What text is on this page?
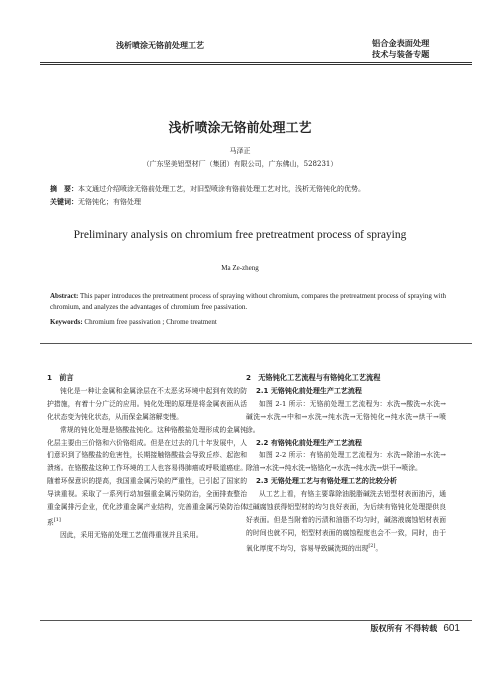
浅析喷涂无铬前处理工艺	铝合金表面处理
技术与装备专题
浅析喷涂无铬前处理工艺
马泽正
（广东坚美铝型材厂（集团）有限公司，广东佛山，528231）
摘　要：本文通过介绍喷涂无铬前处理工艺，对旧型喷涂有铬前处理工艺对比，浅析无铬钝化的优势。
关键词：无铬钝化；有铬处理
Preliminary analysis on chromium free pretreatment process of spraying
Ma Ze-zheng
Abstract: This paper introduces the pretreatment process of spraying without chromium, compares the pretreatment process of spraying with chromium, and analyzes the advantages of chromium free passivation.
Keywords: Chromium free passivation ; Chrome treatment
1　前言

钝化是一种让金属和金属涂层在不太恶劣环境中起到有效的防护措施，有着十分广泛的应用。钝化处理的原理是将金属表面从活化状态变为钝化状态，从而保金属溶解变慢。

常规的钝化处理是铬酸盐钝化。这种铬酸盐处理形成的金属钝化层主要由三价铬和六价铬组成。但是在过去的几十年发展中，人们意识到了铬酸盐的危害性，长期接触铬酸盐会导致丘疹、起泡和溃疡。在铬酸盐这种工作环境的工人也容易得肺癌或呼吸道癌症。随着环保意识的提高，我国重金属污染的严重性，已引起了国家的导读重视。采取了一系列行动加强重金属污染防治，全面排查整治重金属排污企业，优化涉重金属产业结构，完善重金属污染防治体系[1]

因此，采用无铬前处理工艺值得重视并且采用。

2　无铬钝化工艺流程与有铬钝化工艺流程
2.1 无铬钝化前处理生产工艺流程

如图 2-1 所示：无铬前处理工艺流程为：水洗→酸洗→水洗→碱洗→水洗→中和→水洗→纯水洗→无铬钝化→纯水洗→烘干→喷涂。

2.2 有铬钝化前处理生产工艺流程

如图 2-2 所示：有铬前处理工艺流程为：水洗→除油→水洗→除油→水洗→纯水洗→铬铬化→水洗→纯水洗→烘干→喷涂。

2.3 无铬处理工艺与有铬处理工艺的比较分析

从工艺上看，有铬主要靠除油脱脂碱洗去铝型材表面油污，通过碱腐蚀获得铝型材的均匀良好表面，为后续有铬钝化处理提供良好表面。但是当附着的污渍和油脂不均匀时，碱溶液腐蚀铝材表面的时间也就不同，铝型材表面的腐蚀程度也会不一致，同时，由于氧化厚度不均匀，容易导致碱洗斑的出现[2]。

版权所有 不得转载 601
